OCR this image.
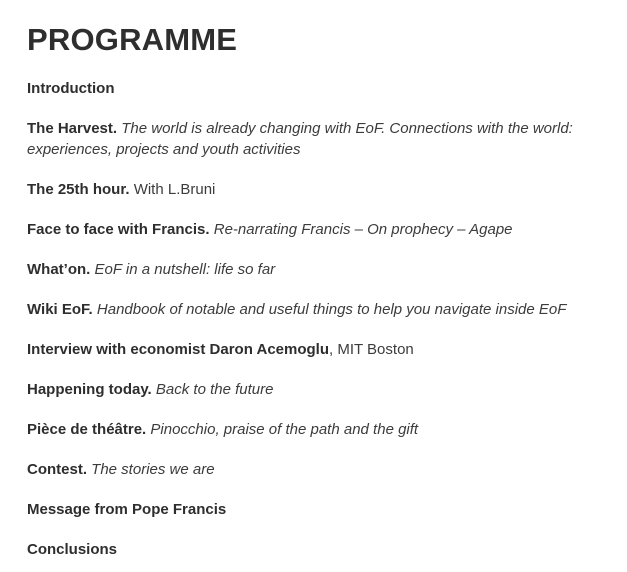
PROGRAMME

Introduction

The Harvest. The world is already changing with EoF. Connections with the world: experiences, projects and youth activities

The 25th hour. With L.Bruni

Face to face with Francis. Re-narrating Francis – On prophecy – Agape

What’on. EoF in a nutshell: life so far

Wiki EoF. Handbook of notable and useful things to help you navigate inside EoF

Interview with economist Daron Acemoglu, MIT Boston

Happening today. Back to the future

Pièce de théâtre. Pinocchio, praise of the path and the gift

Contest. The stories we are

Message from Pope Francis

Conclusions
